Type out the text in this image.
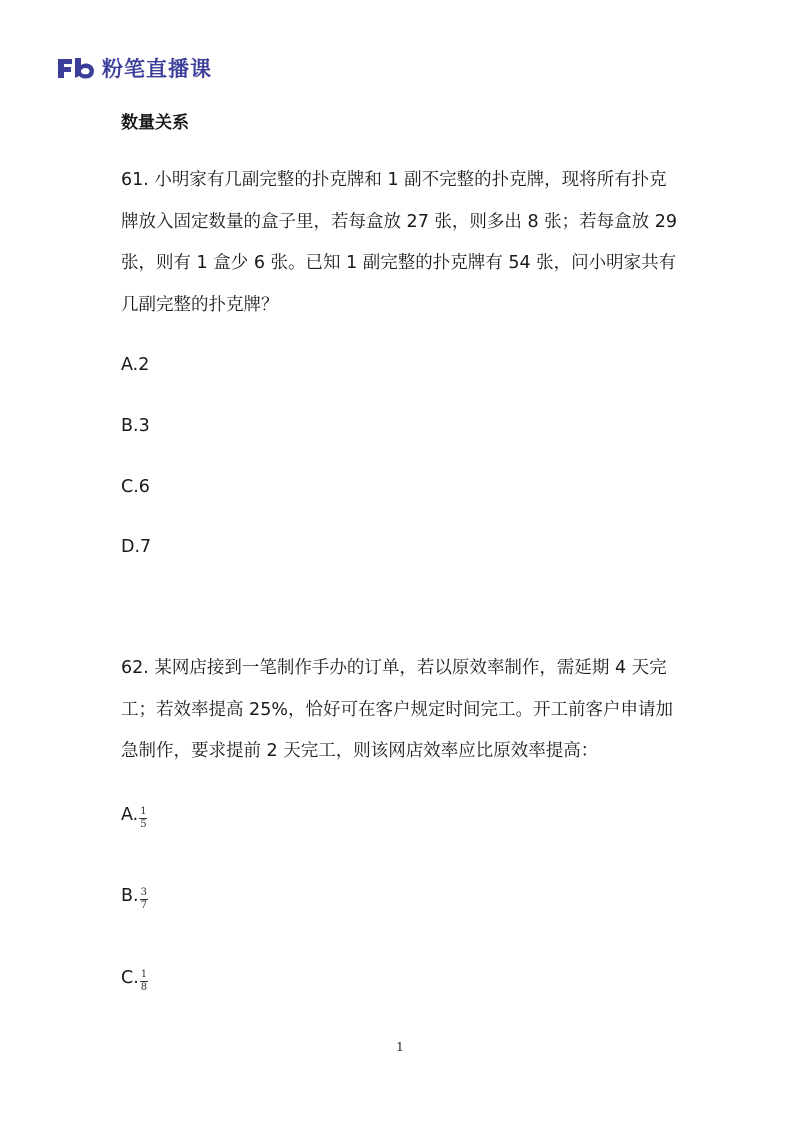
粉笔直播课
数量关系
61. 小明家有几副完整的扑克牌和 1 副不完整的扑克牌，现将所有扑克
牌放入固定数量的盒子里，若每盒放 27 张，则多出 8 张；若每盒放 29
张，则有 1 盒少 6 张。已知 1 副完整的扑克牌有 54 张，问小明家共有
几副完整的扑克牌？
A.2
B.3
C.6
D.7
62. 某网店接到一笔制作手办的订单，若以原效率制作，需延期 4 天完
工；若效率提高 25%，恰好可在客户规定时间完工。开工前客户申请加
急制作，要求提前 2 天完工，则该网店效率应比原效率提高：
A. $\frac{1}{5}$
B. $\frac{3}{7}$
C. $\frac{1}{8}$
1
